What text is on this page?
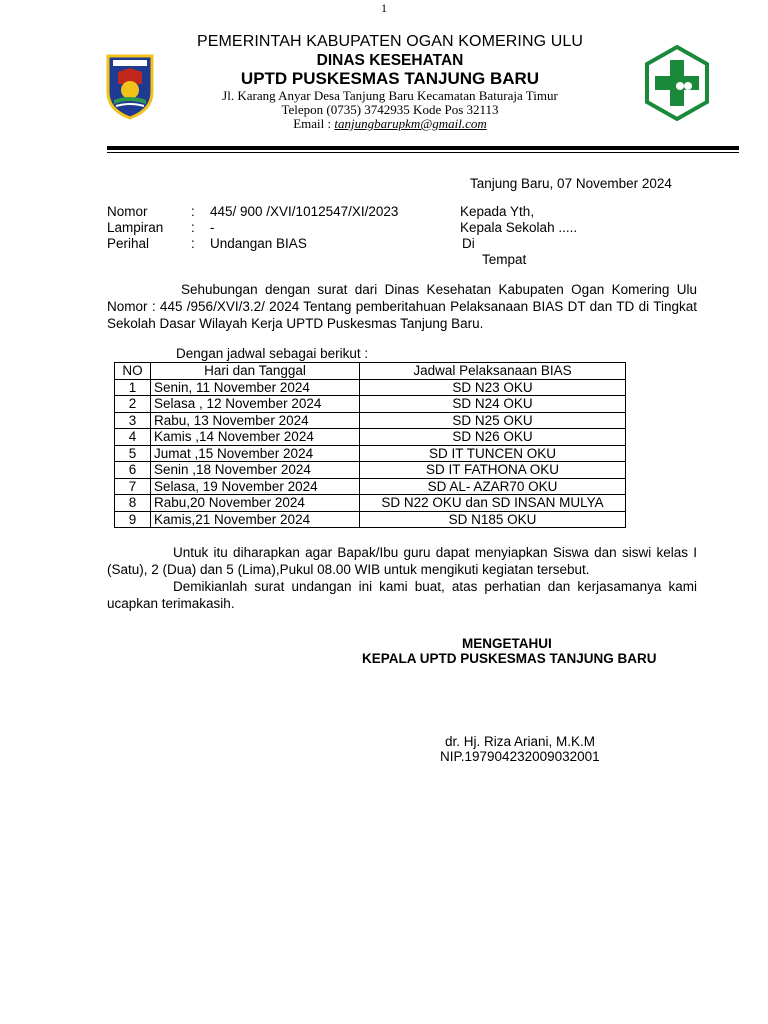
1
PEMERINTAH KABUPATEN OGAN KOMERING ULU
DINAS KESEHATAN
UPTD PUSKESMAS TANJUNG BARU
Jl. Karang Anyar Desa Tanjung Baru Kecamatan Baturaja Timur
Telepon (0735) 3742935 Kode Pos 32113
Email : tanjungbarupkm@gmail.com
Tanjung Baru, 07 November 2024
Nomor	: 445/ 900 /XVI/1012547/XI/2023
Lampiran : -
Perihal	: Undangan BIAS
Kepada Yth,
Kepala Sekolah .....
Di
Tempat
Sehubungan dengan surat dari Dinas Kesehatan Kabupaten Ogan Komering Ulu Nomor : 445 /956/XVI/3.2/ 2024 Tentang pemberitahuan Pelaksanaan BIAS DT dan TD di Tingkat Sekolah Dasar Wilayah Kerja UPTD Puskesmas Tanjung Baru.
Dengan jadwal sebagai berikut :
NO	Hari dan Tanggal	Jadwal Pelaksanaan BIAS
1	Senin, 11 November 2024	SD N23 OKU
2	Selasa , 12 November 2024	SD N24 OKU
3	Rabu, 13 November 2024	SD N25 OKU
4	Kamis ,14 November 2024	SD N26 OKU
5	Jumat ,15 November 2024	SD IT TUNCEN OKU
6	Senin ,18 November 2024	SD IT FATHONA OKU
7	Selasa, 19 November 2024	SD AL- AZAR70 OKU
8	Rabu,20 November 2024	SD N22 OKU dan SD INSAN MULYA
9	Kamis,21 November 2024	SD N185 OKU
Untuk itu diharapkan agar Bapak/Ibu guru dapat menyiapkan Siswa dan siswi kelas I (Satu), 2 (Dua) dan 5 (Lima),Pukul 08.00 WIB untuk mengikuti kegiatan tersebut.
Demikianlah surat undangan ini kami buat, atas perhatian dan kerjasamanya kami ucapkan terimakasih.
MENGETAHUI
KEPALA UPTD PUSKESMAS TANJUNG BARU
dr. Hj. Riza Ariani, M.K.M
NIP.197904232009032001
